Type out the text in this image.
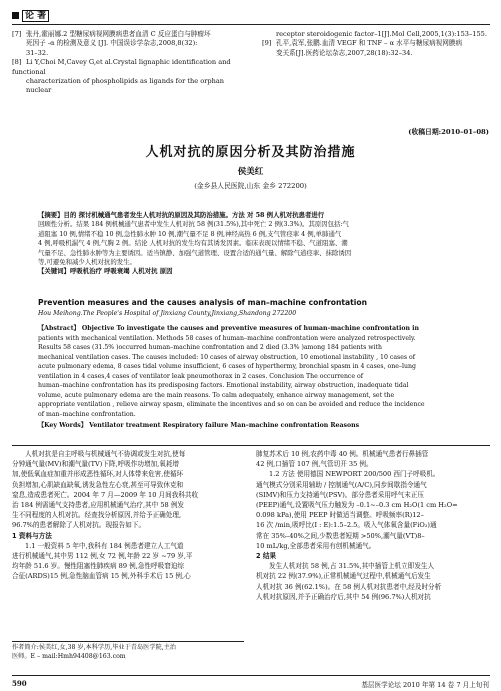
论 著
[7] 张丹,霍丽娜.2 型糖尿病视网膜病患者血清 C 反应蛋白与肿瘤坏
死因子 -α 的检测及意义 [J]. 中国误诊学杂志,2008,8(32):
31–32.
[8] Li Y,Choi M,Cavey G,et al.Crystal lignaphic identification and functional
characterization of phospholipids as ligands for the orphan nuclear
receptor steroidogenic factor–1[J].Mol Cell,2005,1(3):153–155.
[9] 孔平,袁军,张鹏.血清 VEGF 和 TNF – α 水平与糖尿病视网膜病
变关系[J].医药论坛杂志,2007,28(18):32–34.
(收稿日期:2010–01–08)
人机对抗的原因分析及其防治措施
侯美红
(金乡县人民医院,山东 金乡 272200)
【摘要】目的 探讨机械通气患者发生人机对抗的原因及其防治措施。方法 对 58 例人机对抗患者进行
回顾性分析。结果 184 例机械通气患者中发生人机对抗 58 例(31.5%),其中死亡 2 例(3.3%)。其原因包括:气
道阻塞 10 例,情绪不稳 10 例,急性肺水肿 10 例,潮气量不足 8 例,神经高热 6 例,支气管痉挛 4 例,单肺通气
4 例,呼吸机漏气 4 例,气胸 2 例。结论 人机对抗的发生均有其诱发因素。临床表现以情绪不稳、气道阻塞、潮
气量不足、急性肺水肿等为主要诱因。适当镇静、加强气道管理、设置合适的通气量、解除气道痉挛、抹除诱因
等,可避免和减少人机对抗的发生。
【关键词】呼吸机治疗 呼吸衰竭 人机对抗 原因
Prevention measures and the causes analysis of man–machine confrontation
Hou Meihong.The People's Hospital of Jinxiang County,Jinxiang,Shandong 272200
【Abstract】 Objective To investigate the causes and preventive measures of human–machine confrontation in
patients with mechanical ventilation. Methods 58 cases of human–machine confrontation were analyzed retrospectively.
Results 58 cases (31.5% )occurred human–machine confrontation and 2 died (3.3% )among 184 patients with
mechanical ventilation cases. The causes included: 10 cases of airway obstruction, 10 emotional instability , 10 cases of
acute pulmonary edema, 8 cases tidal volume insufficient, 6 cases of hyperthermy, bronchial spasm in 4 cases, one–lung
ventilation in 4 cases,4 cases of ventilator leak pneumothorax in 2 cases. Conclusion The occurrence of
human–machine confrontation has its predisposing factors. Emotional instability, airway obstruction, inadequate tidal
volume, acute pulmonary edema are the main reasons. To calm adequately, enhance airway management, set the
appropriate ventilation , relieve airway spasm, eliminate the incentives and so on can be avoided and reduce the incidence
of man–machine confrontation.
【Key Words】 Ventilator treatment Respiratory failure Man–machine confrontation Reasons
人机对抗是自主呼吸与机械通气不协调或发生对抗,使每
分钟通气量(MV)和潮气量(TV)下降,呼吸作功增加,氧耗增
加,使低氧血症加重并形成恶性循环,对人体带来危害,使循环
负担增加,心肌缺血缺氧,诱发急性左心衰,甚至可导致休克和
窒息,造成患者死亡。2004 年 7 月—2009 年 10 月间我科共收
治 184 例需通气支持患者,应用机械通气治疗,其中 58 例发
生不同程度的人机对抗。经查找分析原因,并给予正确处理,
96.7%的患者解除了人机对抗。现报告如下。
1 资料与方法
1.1 一般资料 5 年中,我科有 184 例患者建立人工气道
进行机械通气,其中男 112 例,女 72 例,年龄 22 岁 ~79 岁,平
均年龄 51.6 岁。慢性阻塞性肺疾病 89 例,急性呼吸窘迫综
合征(ARDS)15 例,急性脑血管病 15 例,外科手术后 15 例,心
肺复苏术后 10 例,农药中毒 40 例。机械通气患者行鼻插管
42 例,口插管 107 例,气管切开 35 例。
1.2 方法 使用德国 NEWPORT 200/500 西门子呼吸机。
通气模式分别采用辅助 / 控制通气(A/C),同步间歇指令通气
(SIMV)和压力支持通气(PSV)。部分患者采用呼气末正压
(PEEP)通气,设置吸气压力触发为 –0.1~–0.3 cm H₂O(1 cm H₂O=
0.098 kPa),使用 PEEP 时做适当调整。呼吸频率(R)12–
16 次 /min,吸呼比(I : E):1.5–2.5。吸入气体氧含量(FiO₂)通
常在 35%–40%之间,少数患者短期 >50%,潮气量(VT)8–
10 mL/kg,全部患者采用有创机械通气。
2 结果
发生人机对抗 58 例,占 31.5%,其中插管上机立即发生人
机对抗 22 例(37.9%),正常机械通气过程中,机械通气后发生
人机对抗 36 例(62.1%)。在 58 例人机对抗患者中,经及时分析
人机对抗原因,并予正确治疗后,其中 54 例(96.7%)人机对抗
作者简介:侯美红,女,38 岁,本科学历,毕业于青岛医学院,主治
医师。E – mail:Hmh94408@163.com
590	基层医学论坛 2010 年第 14 卷 7 月上旬刊
